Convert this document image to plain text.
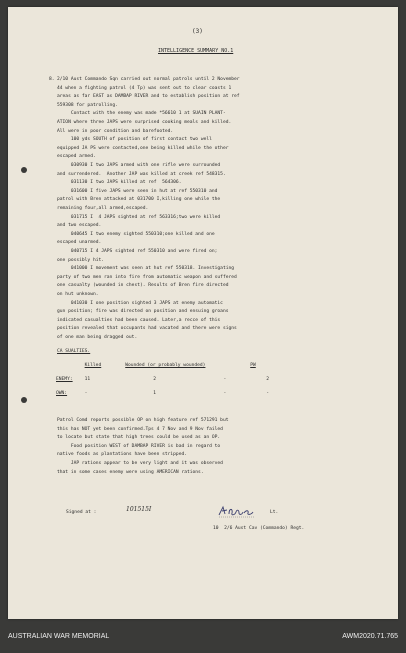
(3)
INTELLIGENCE SUMMARY NO.1
8. 2/10 Aust Commando Sqn carried out normal patrols until 2 November
44 when a fighting patrol (4 Tp) was sent out to clear coasts 1
areas as far EAST as DAMBAP RIVER and to establish position at ref
559308 for patrolling.
Contact with the enemy was made *56610 1 at SUAIN PLANT-
ATION where three JAPS were surprised cooking meals and killed.
All were in poor condition and barefooted.
100 yds SOUTH of position of first contact two well
equipped JA PS were contacted,one being killed while the other
escaped armed.
030930 I two JAPS armed with one rifle were surrounded
and surrendered.  Another JAP was killed at creek ref 548315.
031130 I two JAPS killed at ref  564306.
031600 I five JAPS were seen in hut at ref 550310 and
patrol with Bren attacked at 031700 I,killing one while the
remaining four,all armed,escaped.
031715 I  4 JAPS sighted at ref 563316;two were killed
and two escaped.
040645 I two enemy sighted 550310;one killed and one
escaped unarmed.
040715 I 4 JAPS sighted ref 550310 and were fired on;
one possibly hit.
041000 I movement was seen at hut ref 550318. Investigating
party of two men ran into fire from automatic weapon and suffered
one casualty (wounded in chest). Results of Bren fire directed
on hut unknown.
041030 I one position sighted 3 JAPS at enemy automatic
gun position; fire was directed on position and ensuing groans
indicated casualties had been caused. Later,a recce of this
position revealed that occupants had vacated and there were signs
of one man being dragged out.
CA SUALTIES.
	Killed	Wounded (or probably wounded)		PW
ENEMY:	11	2	-	2
OWN:	-	1	-	-
Patrol Comd reports possible OP on high feature ref 571291 but
this has NOT yet been confirmed.Tps 4 7 Nov and 9 Nov failed
to locate but state that high trees could be used as an OP.
Food position WEST of DAMBAP RIVER is bad in regard to
native foods as plantations have been stripped.
JAP rations appear to be very light and it was observed
that in some cases enemy were using AMERICAN rations.
Signed at :	101515I	Lt.
10  2/6 Aust Cav (Commando) Regt.
AUSTRALIAN WAR MEMORIAL	AWM2020.71.765
